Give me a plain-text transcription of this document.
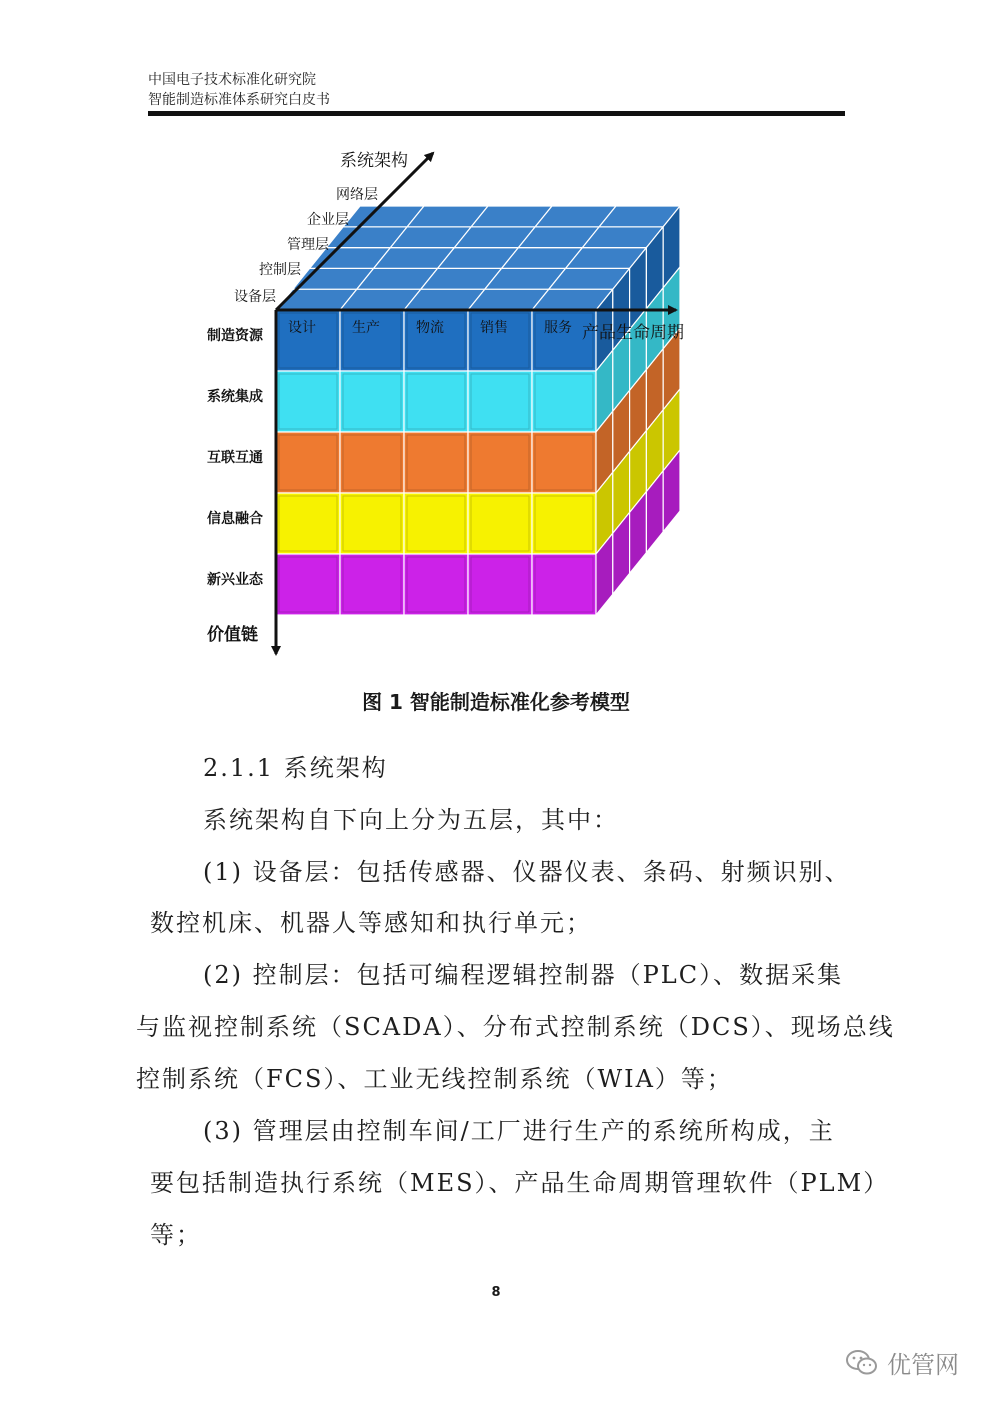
中国电子技术标准化研究院
智能制造标准体系研究白皮书
系统架构
产品生命周期
价值链
网络层
企业层
管理层
控制层
设备层
设计	生产	物流	销售	服务
制造资源
系统集成
互联互通
信息融合
新兴业态
图 1 智能制造标准化参考模型
2.1.1 系统架构
系统架构自下向上分为五层，其中：
(1) 设备层：包括传感器、仪器仪表、条码、射频识别、
数控机床、机器人等感知和执行单元；
(2) 控制层：包括可编程逻辑控制器（PLC）、数据采集
与监视控制系统（SCADA）、分布式控制系统（DCS）、现场总线
控制系统（FCS）、工业无线控制系统（WIA）等；
(3) 管理层由控制车间/工厂进行生产的系统所构成，主
要包括制造执行系统（MES）、产品生命周期管理软件（PLM）
等；
8
优管网
